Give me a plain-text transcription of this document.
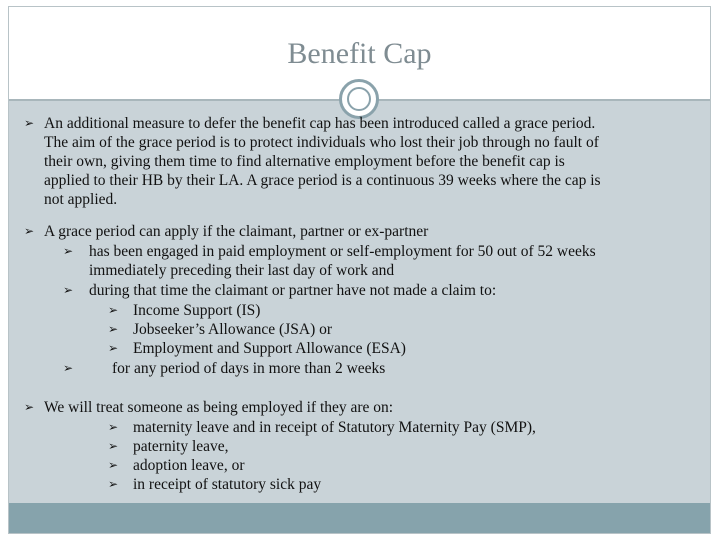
Benefit Cap
➢ An additional measure to defer the benefit cap has been introduced called a grace period.
The aim of the grace period is to protect individuals who lost their job through no fault of
their own, giving them time to find alternative employment before the benefit cap is
applied to their HB by their LA. A grace period is a continuous 39 weeks where the cap is
not applied.
➢ A grace period can apply if the claimant, partner or ex-partner
➢ has been engaged in paid employment or self-employment for 50 out of 52 weeks
immediately preceding their last day of work and
➢ during that time the claimant or partner have not made a claim to:
➢ Income Support (IS)
➢ Jobseeker’s Allowance (JSA) or
➢ Employment and Support Allowance (ESA)
➢	for any period of days in more than 2 weeks
➢ We will treat someone as being employed if they are on:
➢ maternity leave and in receipt of Statutory Maternity Pay (SMP),
➢ paternity leave,
➢ adoption leave, or
➢ in receipt of statutory sick pay
